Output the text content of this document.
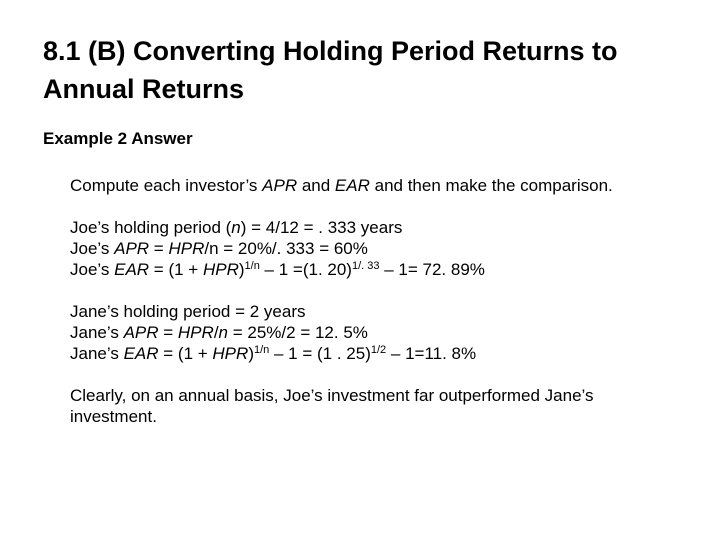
8.1 (B) Converting Holding Period Returns to Annual Returns
Example 2 Answer
Compute each investor’s APR and EAR and then make the comparison.
Joe’s holding period (n) = 4/12 = . 333 years
Joe’s APR = HPR/n = 20%/. 333 = 60%
Joe’s EAR = (1 + HPR)$^{1/n}$ – 1 =(1. 20)$^{1/. 33}$ – 1= 72. 89%
Jane’s holding period = 2 years
Jane’s APR = HPR/n = 25%/2 = 12. 5%
Jane’s EAR = (1 + HPR)$^{1/n}$ – 1 = (1 . 25)$^{1/2}$ – 1=11. 8%
Clearly, on an annual basis, Joe’s investment far outperformed Jane’s investment.
